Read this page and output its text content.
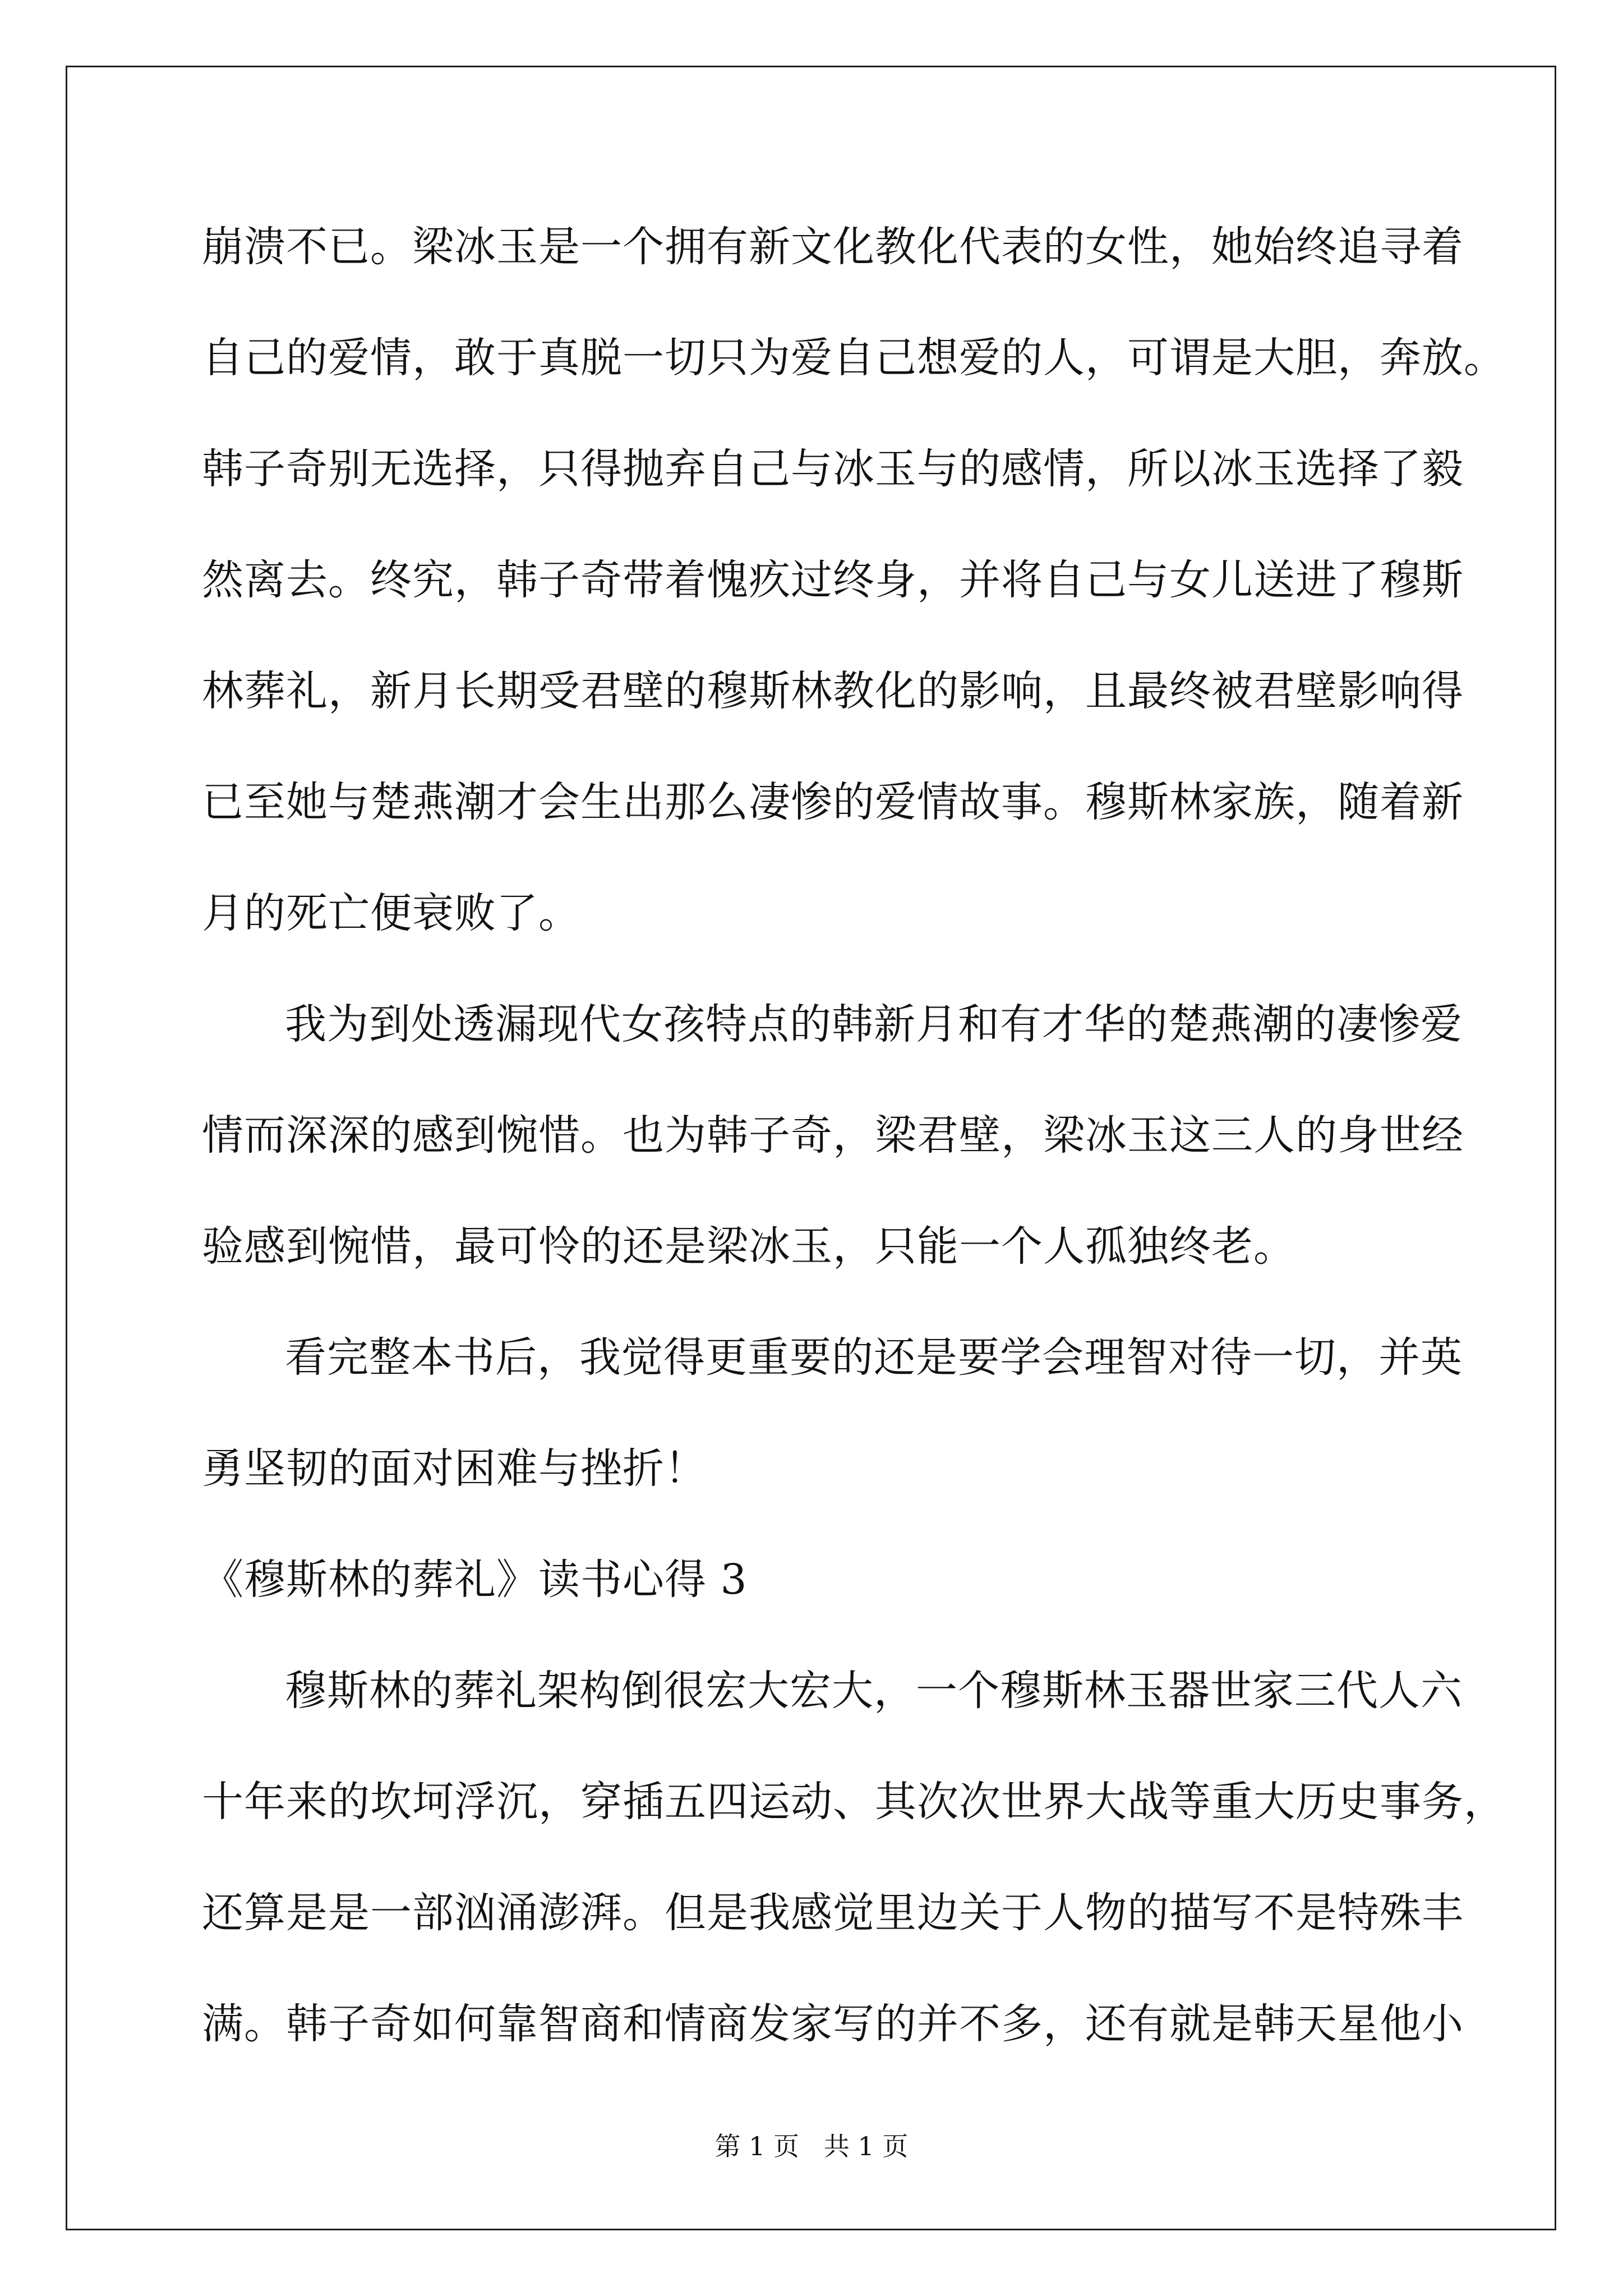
崩溃不已。梁冰玉是一个拥有新文化教化代表的女性，她始终追寻着
自己的爱情，敢于真脱一切只为爱自己想爱的人，可谓是大胆，奔放。
韩子奇别无选择，只得抛弃自己与冰玉与的感情，所以冰玉选择了毅
然离去。终究，韩子奇带着愧疚过终身，并将自己与女儿送进了穆斯
林葬礼，新月长期受君壁的穆斯林教化的影响，且最终被君壁影响得
已至她与楚燕潮才会生出那么凄惨的爱情故事。穆斯林家族，随着新
月的死亡便衰败了。
我为到处透漏现代女孩特点的韩新月和有才华的楚燕潮的凄惨爱
情而深深的感到惋惜。也为韩子奇，梁君壁，梁冰玉这三人的身世经
验感到惋惜，最可怜的还是梁冰玉，只能一个人孤独终老。
看完整本书后，我觉得更重要的还是要学会理智对待一切，并英
勇坚韧的面对困难与挫折！
《穆斯林的葬礼》读书心得 3
穆斯林的葬礼架构倒很宏大宏大，一个穆斯林玉器世家三代人六
十年来的坎坷浮沉，穿插五四运动、其次次世界大战等重大历史事务，
还算是是一部汹涌澎湃。但是我感觉里边关于人物的描写不是特殊丰
满。韩子奇如何靠智商和情商发家写的并不多，还有就是韩天星他小
第 1 页   共 1 页
